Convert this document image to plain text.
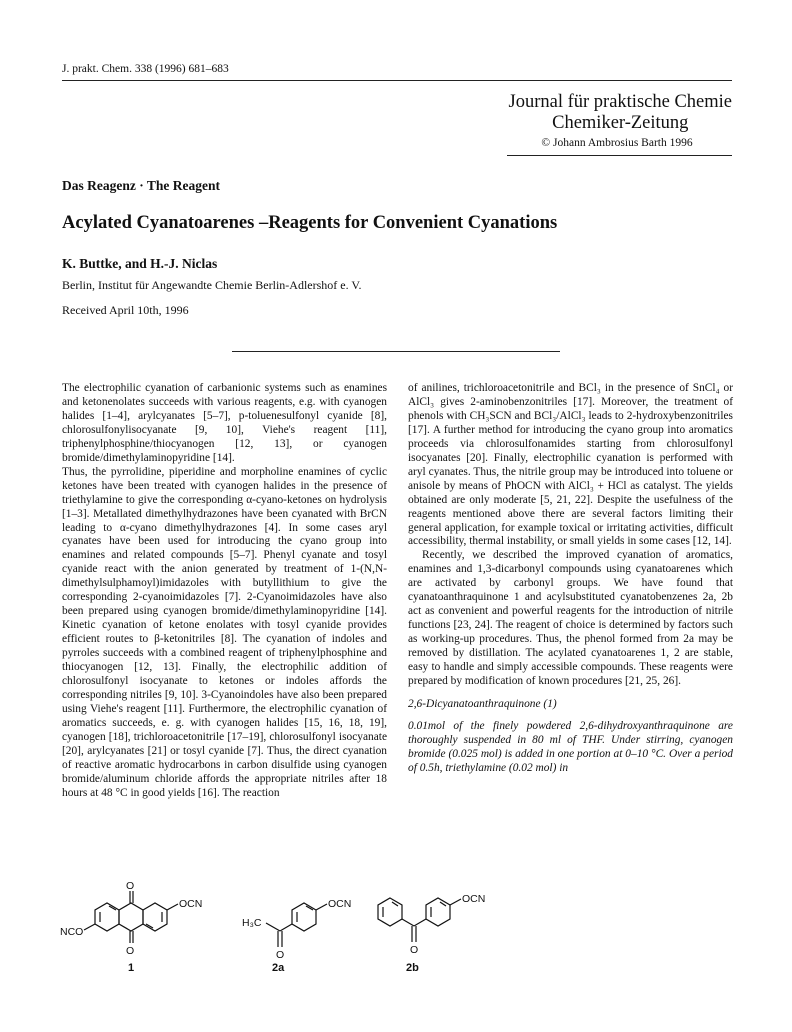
J. prakt. Chem. 338 (1996) 681–683
Journal für praktische Chemie
Chemiker-Zeitung
© Johann Ambrosius Barth 1996
Das Reagenz · The Reagent
Acylated Cyanatoarenes –Reagents for Convenient Cyanations
K. Buttke, and H.-J. Niclas
Berlin, Institut für Angewandte Chemie Berlin-Adlershof e. V.
Received April 10th, 1996

The electrophilic cyanation of carbanionic systems such as enamines and ketonenolates succeeds with various reagents, e.g. with cyanogen halides [1–4], arylcyanates [5–7], p-toluenesulfonyl cyanide [8], chlorosulfonylisocyanate [9, 10], Viehe's reagent [11], triphenylphosphine/thiocyanogen [12, 13], or cyanogen bromide/dimethylaminopyridine [14].

Thus, the pyrrolidine, piperidine and morpholine enamines of cyclic ketones have been treated with cyanogen halides in the presence of triethylamine to give the corresponding α-cyano-ketones on hydrolysis [1–3]. Metallated dimethylhydrazones have been cyanated with BrCN leading to α-cyano dimethylhydrazones [4]. In some cases aryl cyanates have been used for introducing the cyano group into enamines and related compounds [5–7]. Phenyl cyanate and tosyl cyanide react with the anion generated by treatment of 1-(N,N-dimethylsulphamoyl)imidazoles with butyllithium to give the corresponding 2-cyanoimidazoles [7]. 2-Cyanoimidazoles have also been prepared using cyanogen bromide/dimethylaminopyridine [14]. Kinetic cyanation of ketone enolates with tosyl cyanide provides efficient routes to β-ketonitriles [8]. The cyanation of indoles and pyrroles succeeds with a combined reagent of triphenylphosphine and thiocyanogen [12, 13]. Finally, the electrophilic addition of chlorosulfonyl isocyanate to ketones or indoles affords the corresponding nitriles [9, 10]. 3-Cyanoindoles have also been prepared using Viehe's reagent [11]. Furthermore, the electrophilic cyanation of aromatics succeeds, e. g. with cyanogen halides [15, 16, 18, 19], cyanogen [18], trichloroacetonitrile [17–19], chlorosulfonyl isocyanate [20], arylcyanates [21] or tosyl cyanide [7]. Thus, the direct cyanation of reactive aromatic hydrocarbons in carbon disulfide using cyanogen bromide/aluminum chloride affords the appropriate nitriles after 18 hours at 48 °C in good yields [16]. The reaction

of anilines, trichloroacetonitrile and BCl₃ in the presence of SnCl₄ or AlCl₃ gives 2-aminobenzonitriles [17]. Moreover, the treatment of phenols with CH₃SCN and BCl₃/AlCl₃ leads to 2-hydroxybenzonitriles [17]. A further method for introducing the cyano group into aromatics proceeds via chlorosulfonamides starting from chlorosulfonyl isocyanates [20]. Finally, electrophilic cyanation is performed with aryl cyanates. Thus, the nitrile group may be introduced into toluene or anisole by means of PhOCN with AlCl₃ + HCl as catalyst. The yields obtained are only moderate [5, 21, 22]. Despite the usefulness of the reagents mentioned above there are several factors limiting their general application, for example toxical or irritating activities, difficult accessibility, thermal instability, or small yields in some cases [12, 14].

Recently, we described the improved cyanation of aromatics, enamines and 1,3-dicarbonyl compounds using cyanatoarenes which are activated by carbonyl groups. We have found that cyanatoanthraquinone 1 and acylsubstituted cyanatobenzenes 2a, 2b act as convenient and powerful reagents for the introduction of nitrile functions [23, 24]. The reagent of choice is determined by factors such as working-up procedures. Thus, the phenol formed from 2a may be removed by distillation. The acylated cyanatoarenes 1, 2 are stable, easy to handle and simply accessible compounds. These reagents were prepared by modification of known procedures [21, 25, 26].

2,6-Dicyanatoanthraquinone (1)

0.01mol of the finely powdered 2,6-dihydroxyanthraquinone are thoroughly suspended in 80 ml of THF. Under stirring, cyanogen bromide (0.025 mol) is added in one portion at 0–10 °C. Over a period of 0.5h, triethylamine (0.02 mol) in

O
O
OCN
NCO
1
OCN
H₃C
O
2a
OCN
O
2b
